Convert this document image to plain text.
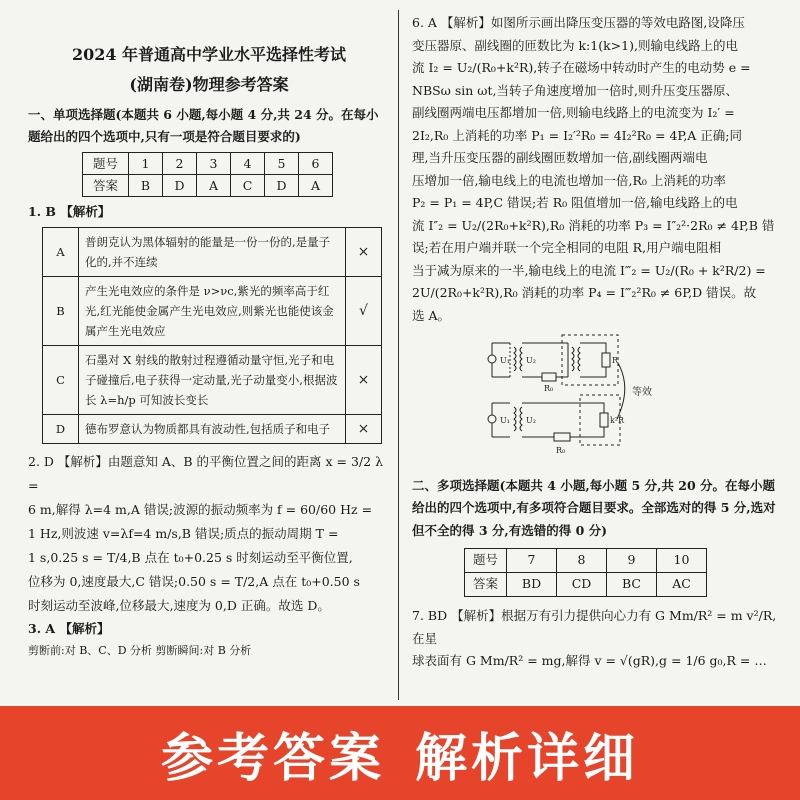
2024 年普通高中学业水平选择性考试
(湖南卷)物理参考答案
一、单项选择题(本题共 6 小题,每小题 4 分,共 24 分。在每小题给出的四个选项中,只有一项是符合题目要求的)
题号	1	2	3	4	5	6
答案	B	D	A	C	D	A
1. B 【解析】
A	普朗克认为黑体辐射的能量是一份一份的,是量子化的,并不连续	×
B	产生光电效应的条件是 ν>νc,紫光的频率高于红光,红光能使金属产生光电效应,则紫光也能使该金属产生光电效应	√
C	石墨对 X 射线的散射过程遵循动量守恒,光子和电子碰撞后,电子获得一定动量,光子动量变小,根据波长 λ=h/p 可知波长变长	×
D	德布罗意认为物质都具有波动性,包括质子和电子	×
2. D 【解析】由题意知 A、B 的平衡位置之间的距离 x = 3/2 λ =
6 m,解得 λ=4 m,A 错误;波源的振动频率为 f = 60/60 Hz =
1 Hz,则波速 v=λf=4 m/s,B 错误;质点的振动周期 T =
1 s,0.25 s = T/4,B 点在 t₀+0.25 s 时刻运动至平衡位置,
位移为 0,速度最大,C 错误;0.50 s = T/2,A 点在 t₀+0.50 s
时刻运动至波峰,位移最大,速度为 0,D 正确。故选 D。
3. A 【解析】
剪断前:对 B、C、D 分析 剪断瞬间:对 B 分析
6. A 【解析】如图所示画出降压变压器的等效电路图,设降压
变压器原、副线圈的匝数比为 k:1(k>1),则输电线路上的电
流 I₂ = U₂/(R₀+k²R),转子在磁场中转动时产生的电动势 e =
NBSω sin ωt,当转子角速度增加一倍时,则升压变压器原、
副线圈两端电压都增加一倍,则输电线路上的电流变为 I₂′ =
2I₂,R₀ 上消耗的功率 P₁ = I₂′²R₀ = 4I₂²R₀ = 4P,A 正确;同
理,当升压变压器的副线圈匝数增加一倍,副线圈两端电
压增加一倍,输电线上的电流也增加一倍,R₀ 上消耗的功率
P₂ = P₁ = 4P,C 错误;若 R₀ 阻值增加一倍,输电线路上的电
流 I″₂ = U₂/(2R₀+k²R),R₀ 消耗的功率 P₃ = I″₂²·2R₀ ≠ 4P,B 错
误;若在用户端并联一个完全相同的电阻 R,用户端电阻相
当于减为原来的一半,输电线上的电流 I‴₂ = U₂/(R₀ + k²R/2) =
2U/(2R₀+k²R),R₀ 消耗的功率 P₄ = I‴₂²R₀ ≠ 6P,D 错误。故
选 A。
U₁ U₂
R₀
R
等效
U₁ U₂	k²R
R₀
二、多项选择题(本题共 4 小题,每小题 5 分,共 20 分。在每小题给出的四个选项中,有多项符合题目要求。全部选对的得 5 分,选对但不全的得 3 分,有选错的得 0 分)
题号	7	8	9	10
答案	BD	CD	BC	AC
7. BD 【解析】根据万有引力提供向心力有 G Mm/R² = m v²/R,在星
球表面有 G Mm/R² = mg,解得 v = √(gR),g = 1/6 g₀,R = …
参考答案 解析详细
